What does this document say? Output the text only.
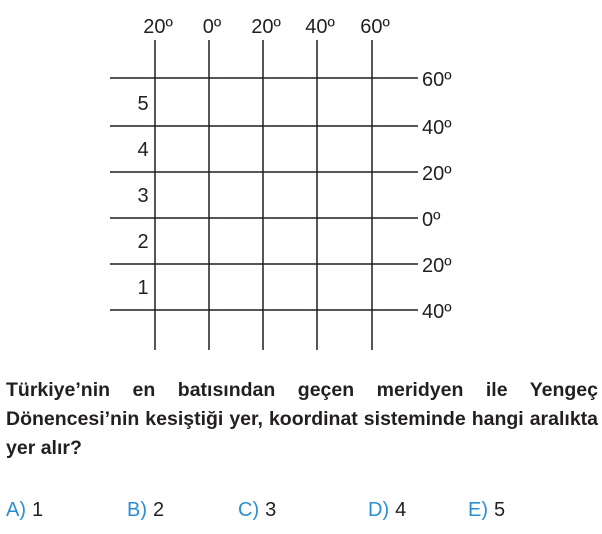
20º 0º 20º 40º 60º
60º
40º
20º
0º
20º
40º
5
4
3
2
1

Türkiye’nin en batısından geçen meridyen ile Yengeç Dönencesi’nin kesiştiği yer, koordinat sisteminde hangi aralıkta yer alır?

A) 1	B) 2	C) 3	D) 4	E) 5
